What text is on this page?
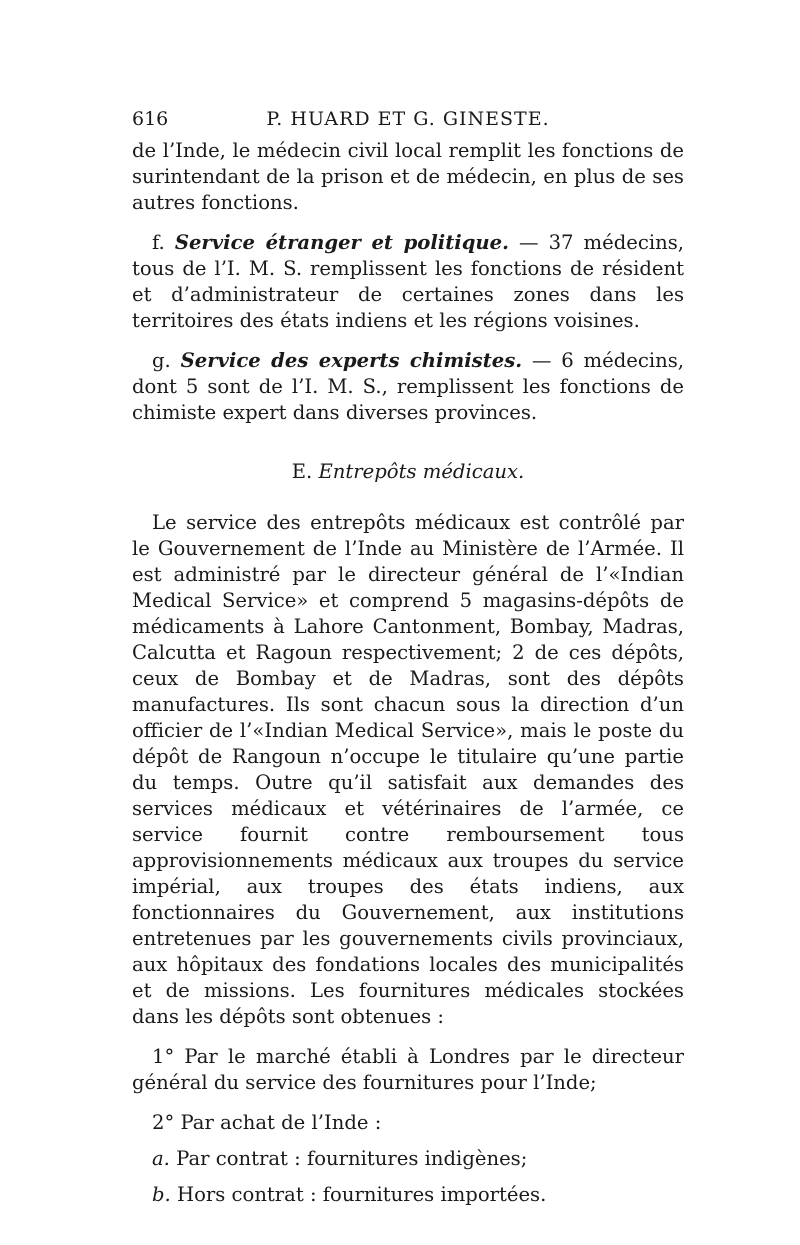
616	P. HUARD ET G. GINESTE.

de l’Inde, le médecin civil local remplit les fonctions de surintendant de la prison et de médecin, en plus de ses autres fonctions.

f. Service étranger et politique. — 37 médecins, tous de l’I. M. S. remplissent les fonctions de résident et d’administrateur de certaines zones dans les territoires des états indiens et les régions voisines.

g. Service des experts chimistes. — 6 médecins, dont 5 sont de l’I. M. S., remplissent les fonctions de chimiste expert dans diverses provinces.

E. Entrepôts médicaux.

Le service des entrepôts médicaux est contrôlé par le Gouvernement de l’Inde au Ministère de l’Armée. Il est administré par le directeur général de l’«Indian Medical Service» et comprend 5 magasins-dépôts de médicaments à Lahore Cantonment, Bombay, Madras, Calcutta et Ragoun respectivement; 2 de ces dépôts, ceux de Bombay et de Madras, sont des dépôts manufactures. Ils sont chacun sous la direction d’un officier de l’«Indian Medical Service», mais le poste du dépôt de Rangoun n’occupe le titulaire qu’une partie du temps. Outre qu’il satisfait aux demandes des services médicaux et vétérinaires de l’armée, ce service fournit contre remboursement tous approvisionnements médicaux aux troupes du service impérial, aux troupes des états indiens, aux fonctionnaires du Gouvernement, aux institutions entretenues par les gouvernements civils provinciaux, aux hôpitaux des fondations locales des municipalités et de missions. Les fournitures médicales stockées dans les dépôts sont obtenues :

1° Par le marché établi à Londres par le directeur général du service des fournitures pour l’Inde;

2° Par achat de l’Inde :

a. Par contrat : fournitures indigènes;

b. Hors contrat : fournitures importées.
